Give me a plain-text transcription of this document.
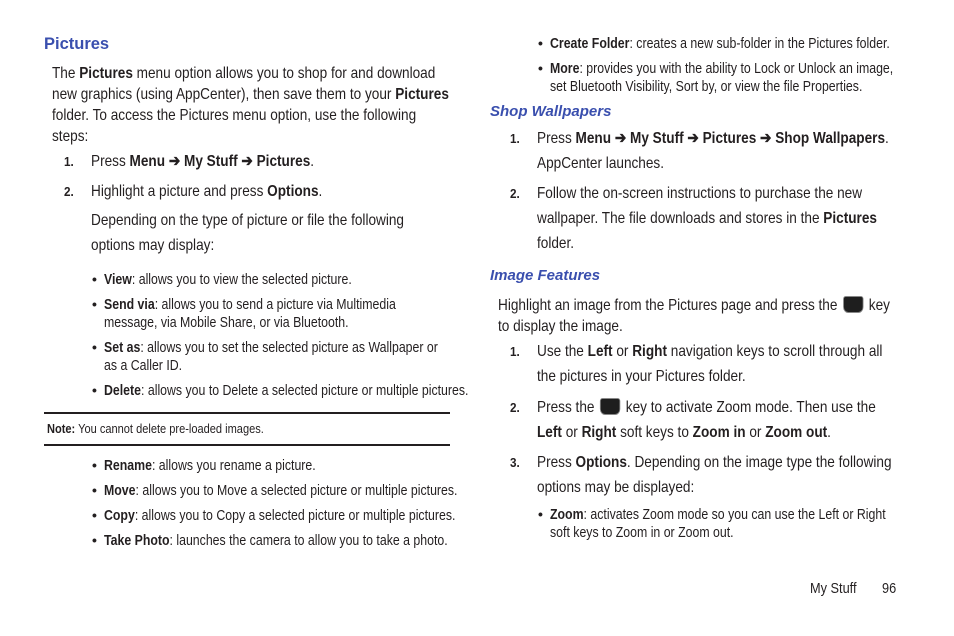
Pictures
The Pictures menu option allows you to shop for and download new graphics (using AppCenter), then save them to your Pictures folder. To access the Pictures menu option, use the following steps:
1. Press Menu ➔ My Stuff ➔ Pictures.
2. Highlight a picture and press Options.
Depending on the type of picture or file the following options may display:
• View: allows you to view the selected picture.
• Send via: allows you to send a picture via Multimedia message, via Mobile Share, or via Bluetooth.
• Set as: allows you to set the selected picture as Wallpaper or as a Caller ID.
• Delete: allows you to Delete a selected picture or multiple pictures.
Note: You cannot delete pre-loaded images.
• Rename: allows you rename a picture.
• Move: allows you to Move a selected picture or multiple pictures.
• Copy: allows you to Copy a selected picture or multiple pictures.
• Take Photo: launches the camera to allow you to take a photo.
• Create Folder: creates a new sub-folder in the Pictures folder.
• More: provides you with the ability to Lock or Unlock an image, set Bluetooth Visibility, Sort by, or view the file Properties.
Shop Wallpapers
1. Press Menu ➔ My Stuff ➔ Pictures ➔ Shop Wallpapers. AppCenter launches.
2. Follow the on-screen instructions to purchase the new wallpaper. The file downloads and stores in the Pictures folder.
Image Features
Highlight an image from the Pictures page and press the  key to display the image.
1. Use the Left or Right navigation keys to scroll through all the pictures in your Pictures folder.
2. Press the  key to activate Zoom mode. Then use the Left or Right soft keys to Zoom in or Zoom out.
3. Press Options. Depending on the image type the following options may be displayed:
• Zoom: activates Zoom mode so you can use the Left or Right soft keys to Zoom in or Zoom out.
My Stuff 96
